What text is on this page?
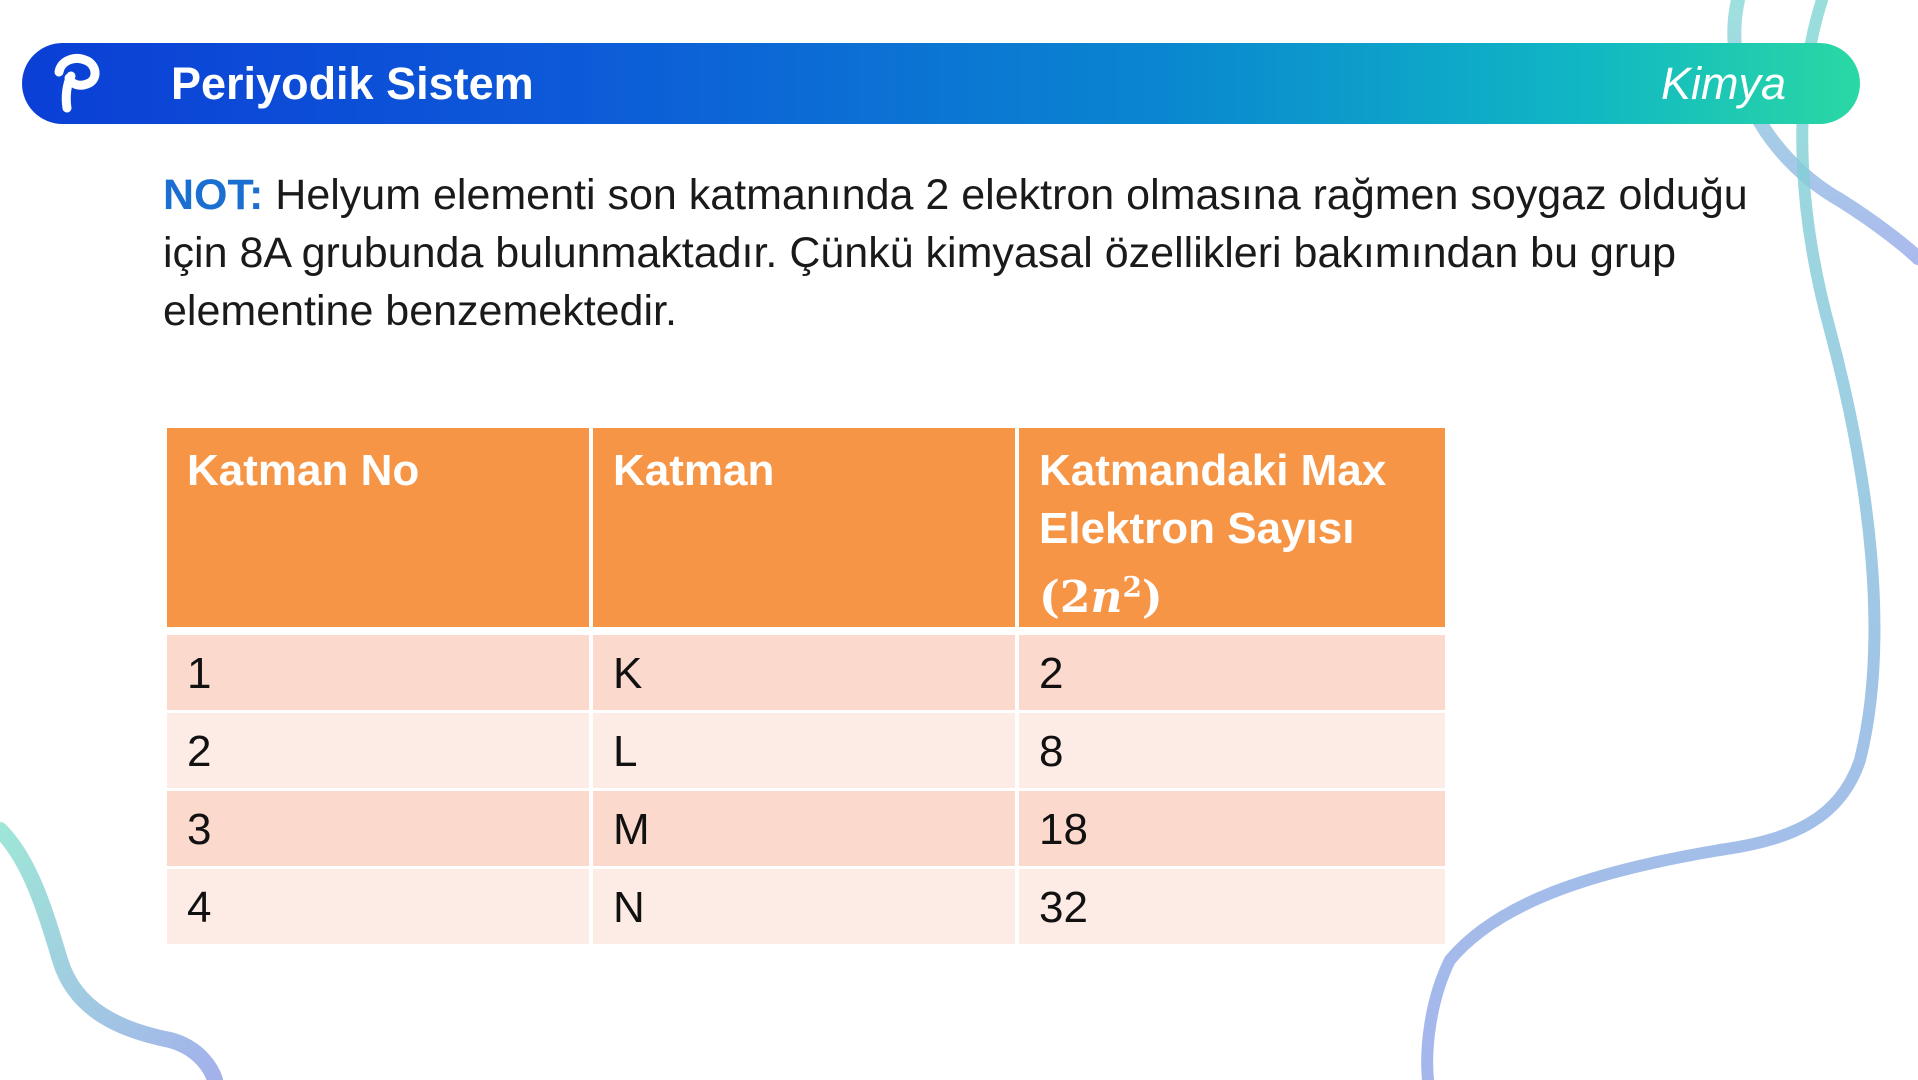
Periyodik Sistem	Kimya
NOT: Helyum elementi son katmanında 2 elektron olmasına rağmen soygaz olduğu için 8A grubunda bulunmaktadır. Çünkü kimyasal özellikleri bakımından bu grup elementine benzemektedir.
Katman No	Katman	Katmandaki Max Elektron Sayısı
$(2n^2)$
1	K	2
2	L	8
3	M	18
4	N	32
